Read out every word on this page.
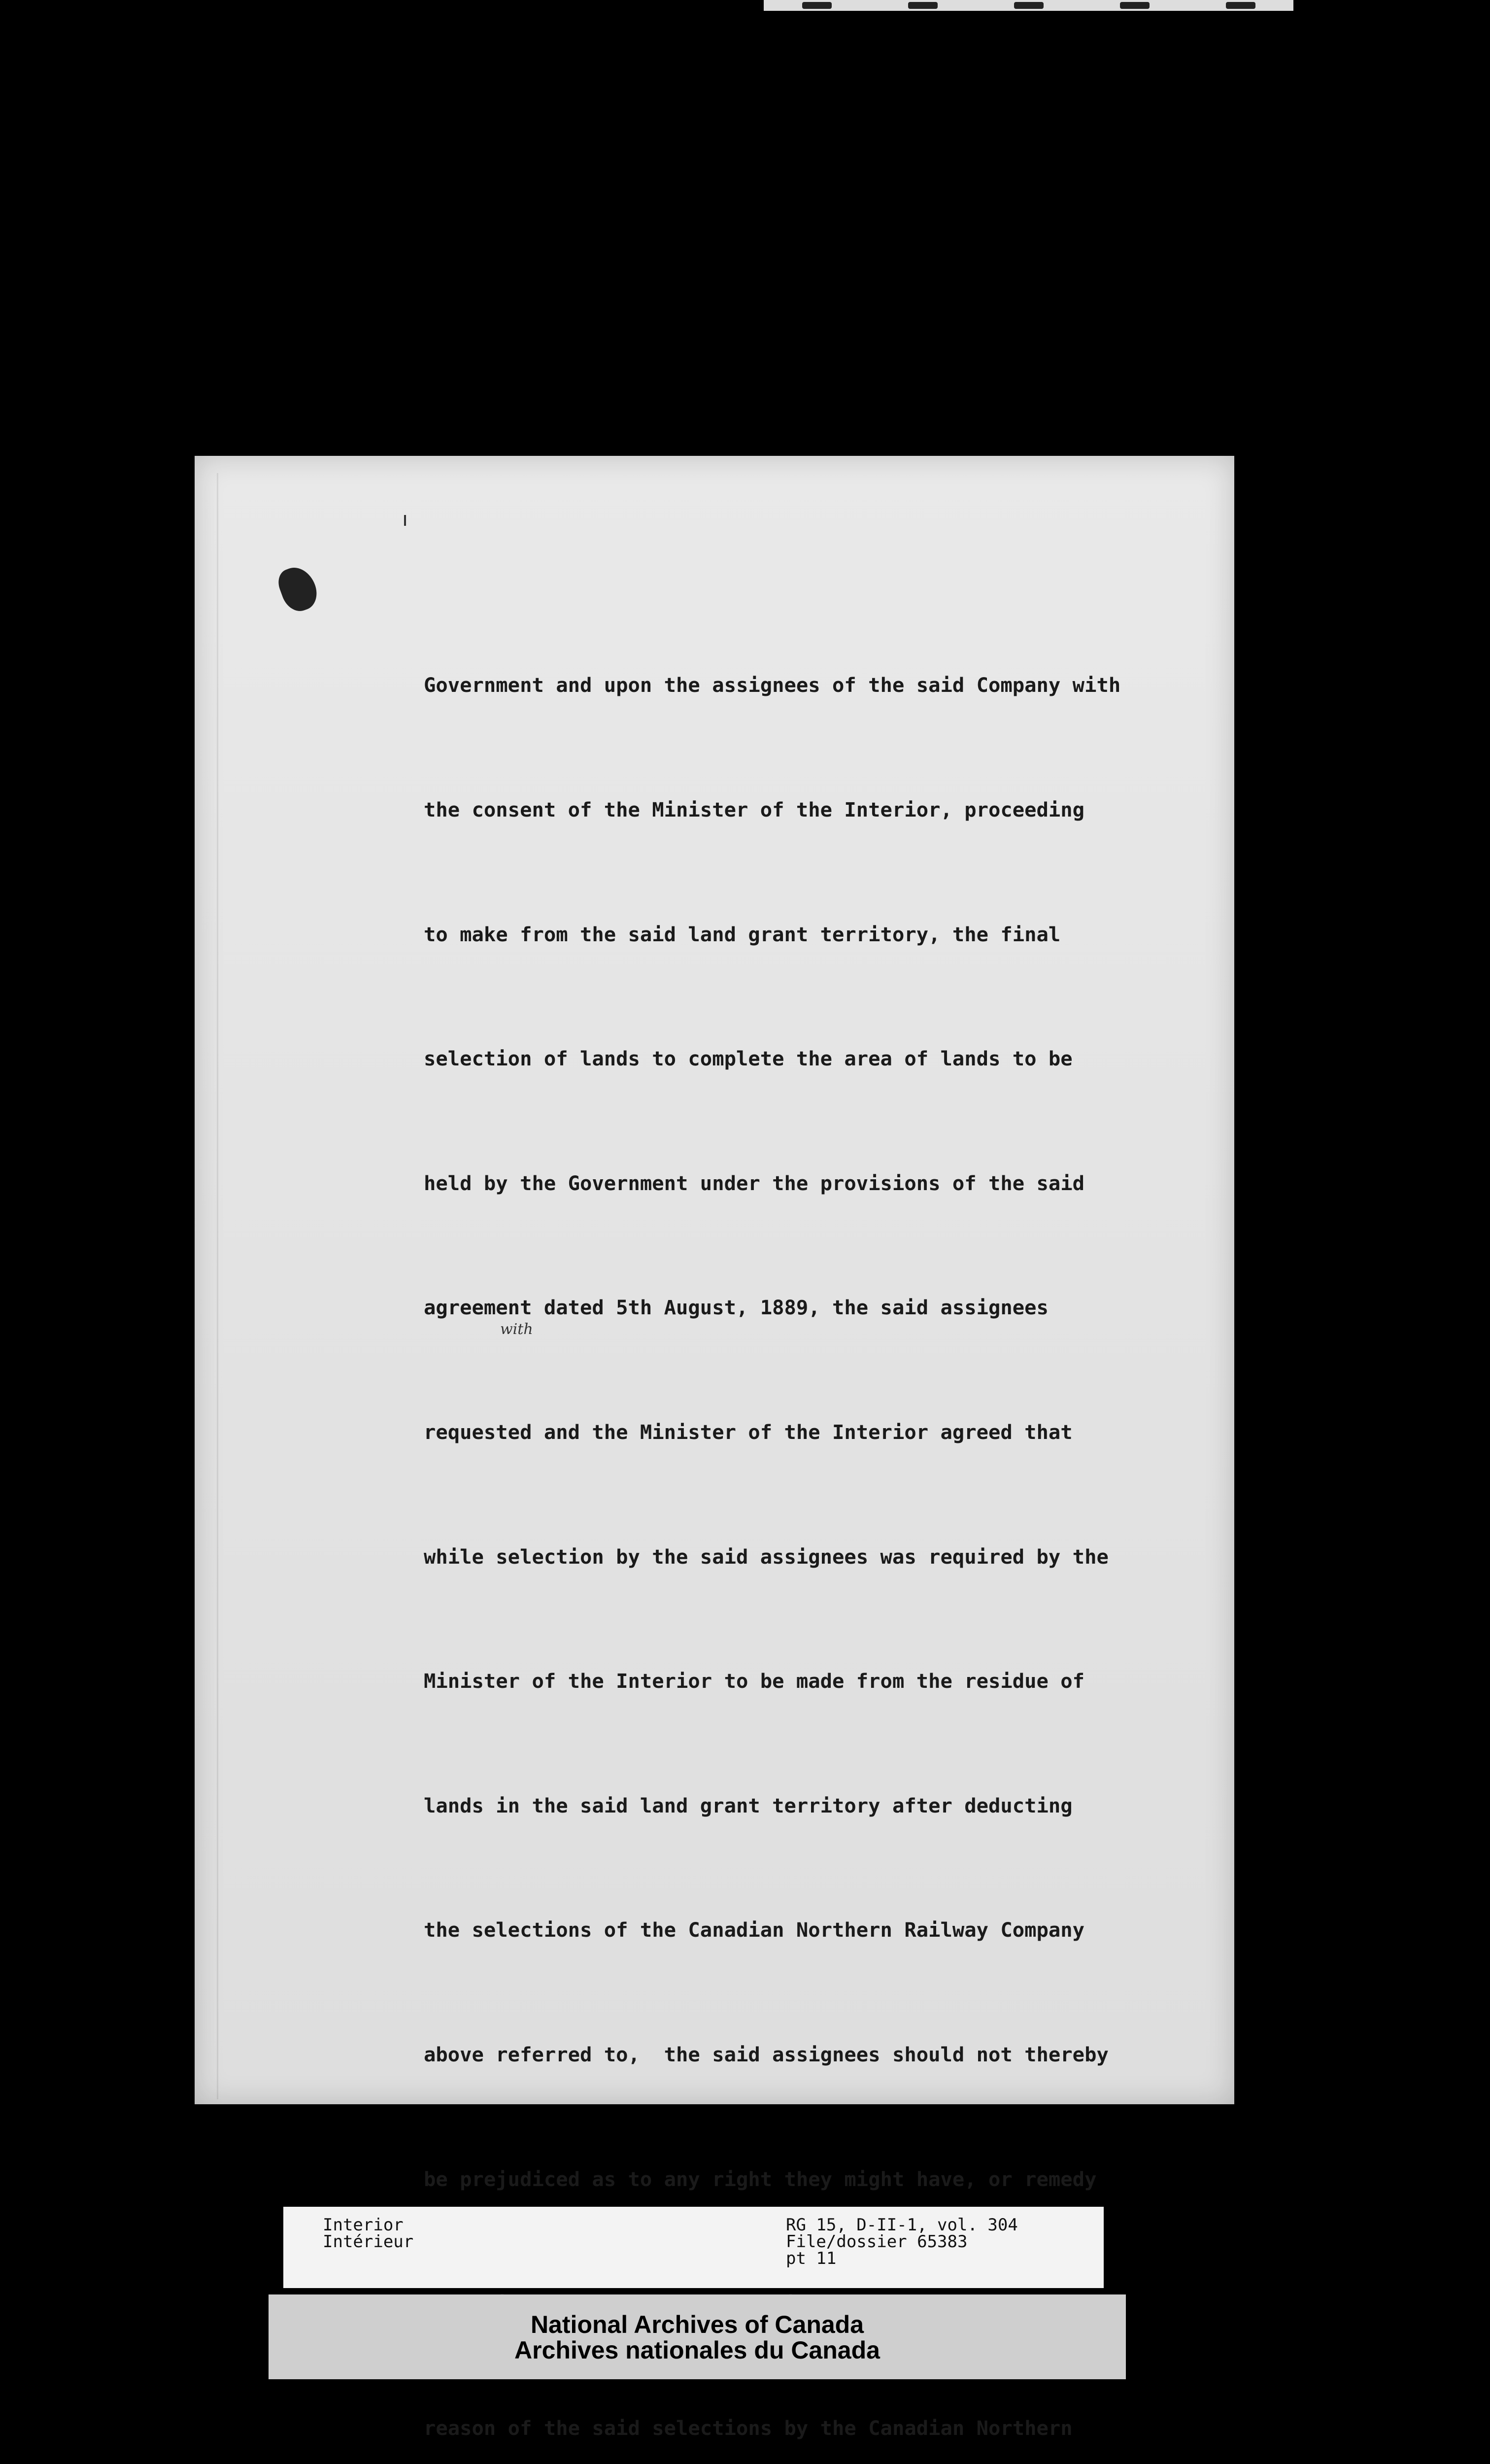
Government and upon the assignees of the said Company with

the consent of the Minister of the Interior, proceeding

to make from the said land grant territory, the final

selection of lands to complete the area of lands to be

held by the Government under the provisions of the said

agreement dated 5th August, 1889, the said assignees

requested and the Minister of the Interior agreed that

while selection by the said assignees was required by the

Minister of the Interior to be made from the residue of

lands in the said land grant territory after deducting

the selections of the Canadian Northern Railway Company

above referred to,  the said assignees should not thereby

be prejudiced as to any right they might have, or remedy

reason of the said selections by the Canadian Northern

with
Interior
Intérieur
RG 15, D-II-1, vol. 304
File/dossier 65383
pt 11
National Archives of Canada
Archives nationales du Canada
